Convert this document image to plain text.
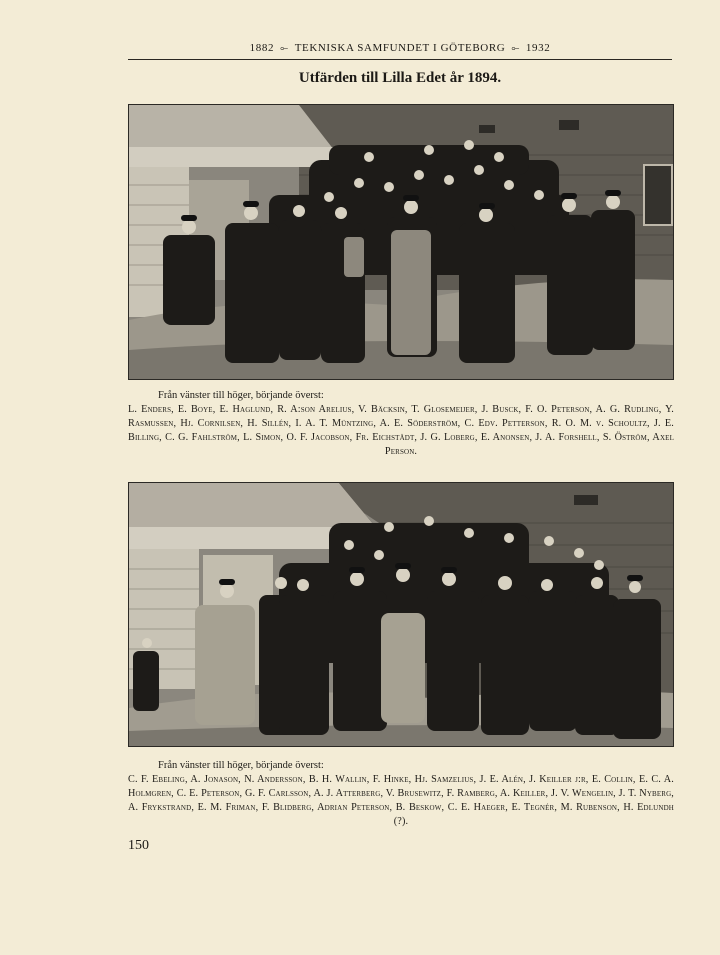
1882 ⟜ TEKNISKA SAMFUNDET I GÖTEBORG ⟜ 1932
Utfärden till Lilla Edet år 1894.
Från vänster till höger, börjande överst:
L. Enders, E. Boye, E. Haglund, R. A:son Arelius, V. Bäcksin, T. Glosemeijer, J. Busck, F. O. Peterson, A. G. Rudling, Y. Rasmussen, Hj. Cornilsen, H. Sillén, I. A. T. Müntzing, A. E. Söderström, C. Edv. Petterson, R. O. M. v. Schoultz, J. E. Billing, C. G. Fahlström, L. Simon, O. F. Jacobson, Fr. Eichstädt, J. G. Loberg, E. Anonsen, J. A. Forshell, S. Öström, Axel Person.
Från vänster till höger, börjande överst:
C. F. Ebeling, A. Jonason, N. Andersson, B. H. Wallin, F. Hinke, Hj. Samzelius, J. E. Alén, J. Keiller j:r, E. Collin, E. C. A. Holmgren, C. E. Peterson, G. F. Carlsson, A. J. Atterberg, V. Brusewitz, F. Ramberg, A. Keiller, J. V. Wengelin, J. T. Nyberg, A. Frykstrand, E. M. Friman, F. Blidberg, Adrian Peterson, B. Beskow, C. E. Haeger, E. Tegnér, M. Rubenson, H. Edlundh (?).
150
